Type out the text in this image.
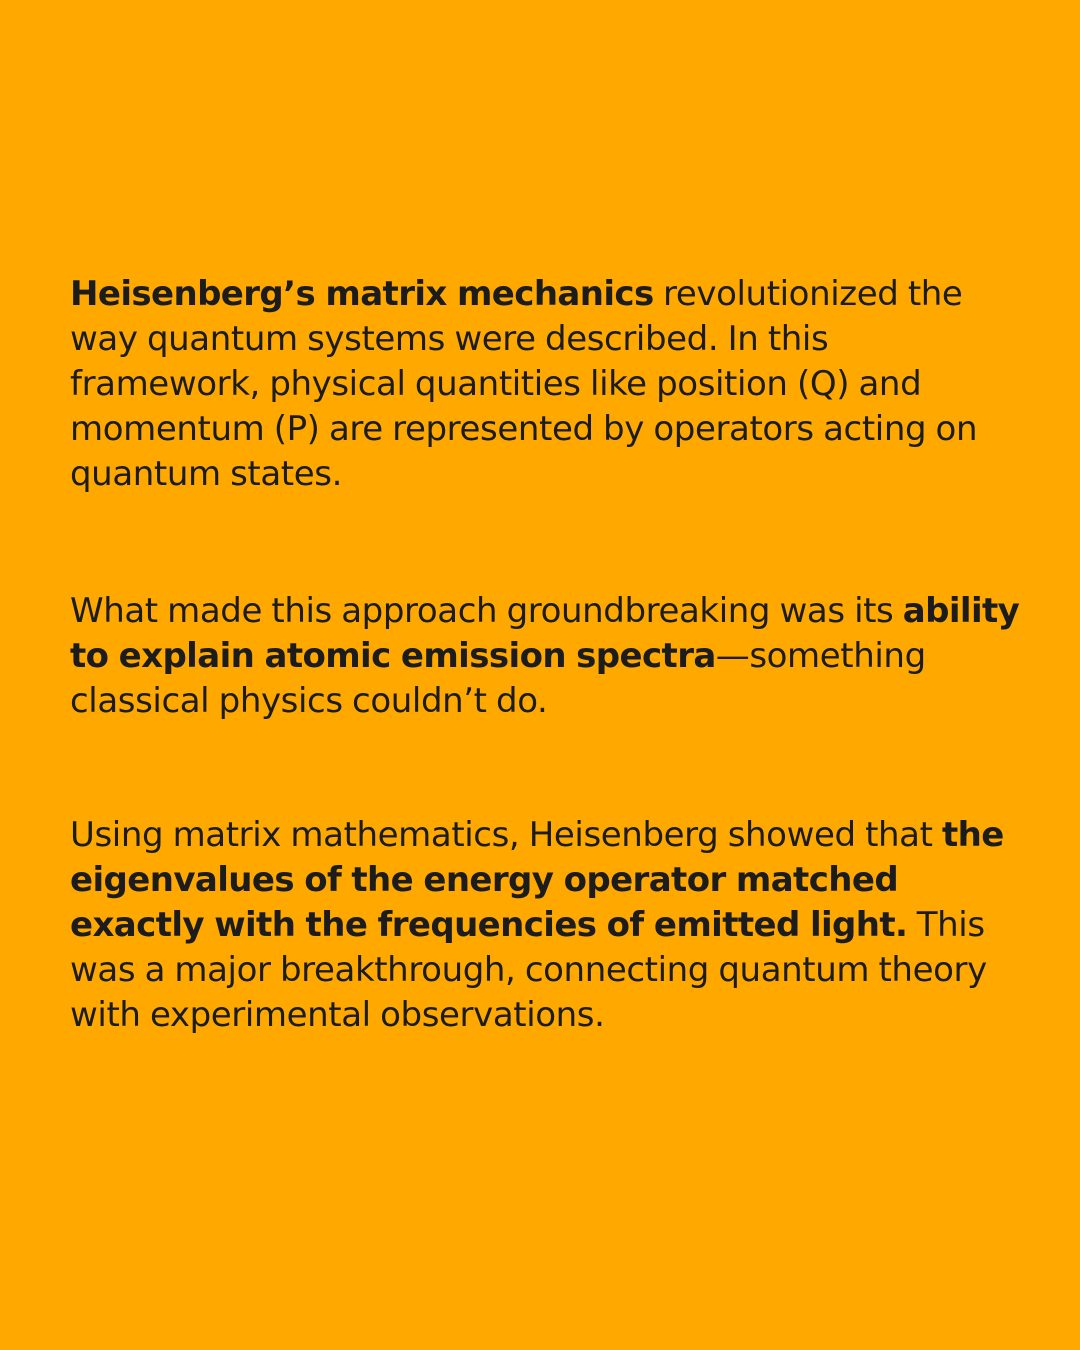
Heisenberg’s matrix mechanics revolutionized the way quantum systems were described. In this framework, physical quantities like position (Q) and momentum (P) are represented by operators acting on quantum states.

What made this approach groundbreaking was its ability to explain atomic emission spectra—something classical physics couldn’t do.

Using matrix mathematics, Heisenberg showed that the eigenvalues of the energy operator matched exactly with the frequencies of emitted light. This was a major breakthrough, connecting quantum theory with experimental observations.
